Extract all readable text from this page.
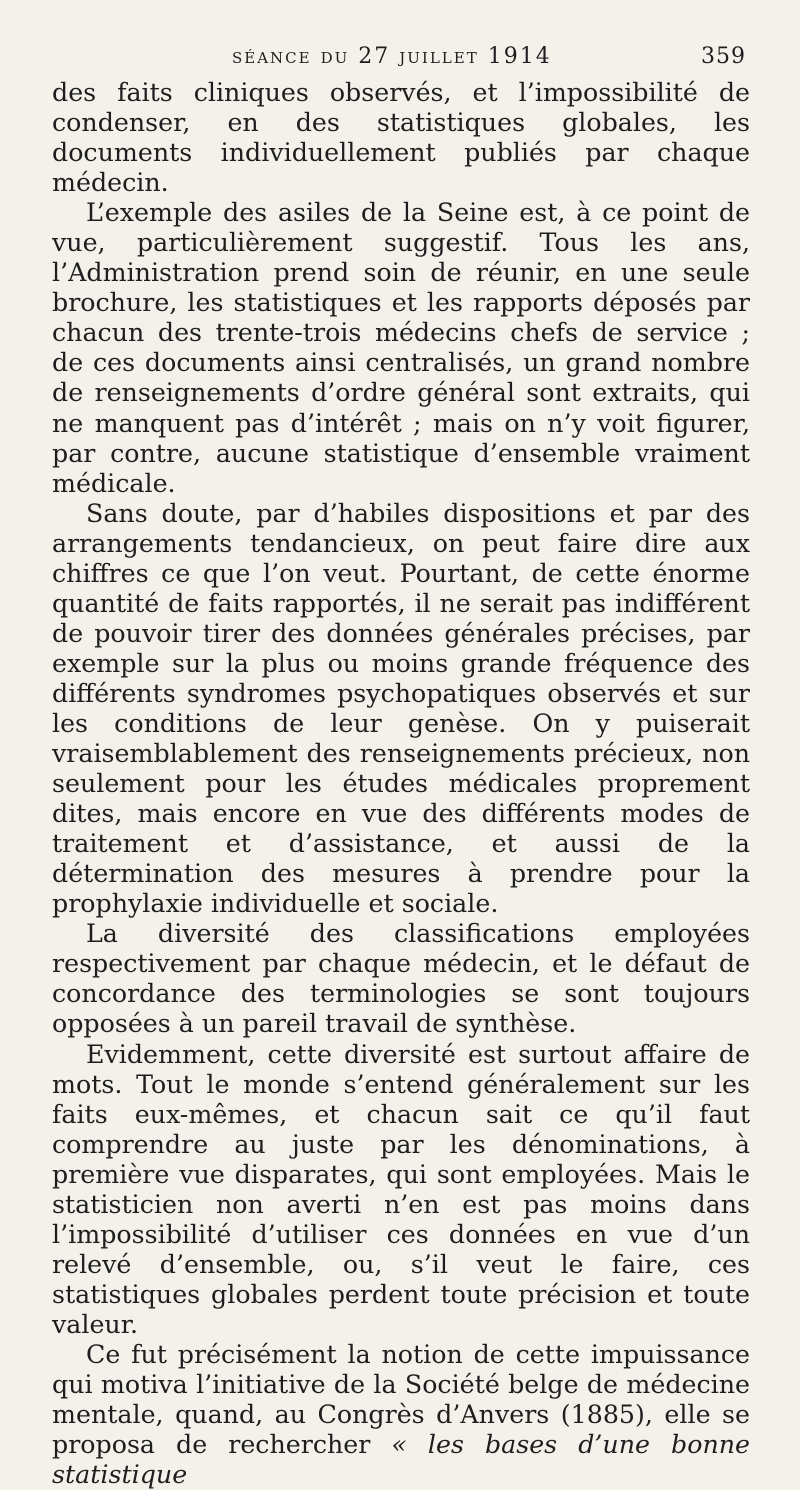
séance du 27 juillet 1914	359

des faits cliniques observés, et l’impossibilité de condenser, en des statistiques globales, les documents individuellement publiés par chaque médecin.

L’exemple des asiles de la Seine est, à ce point de vue, particulièrement suggestif. Tous les ans, l’Administration prend soin de réunir, en une seule brochure, les statistiques et les rapports déposés par chacun des trente-trois médecins chefs de service ; de ces documents ainsi centralisés, un grand nombre de renseignements d’ordre général sont extraits, qui ne manquent pas d’intérêt ; mais on n’y voit figurer, par contre, aucune statistique d’ensemble vraiment médicale.

Sans doute, par d’habiles dispositions et par des arrangements tendancieux, on peut faire dire aux chiffres ce que l’on veut. Pourtant, de cette énorme quantité de faits rapportés, il ne serait pas indifférent de pouvoir tirer des données générales précises, par exemple sur la plus ou moins grande fréquence des différents syndromes psychopatiques observés et sur les conditions de leur genèse. On y puiserait vraisemblablement des renseignements précieux, non seulement pour les études médicales proprement dites, mais encore en vue des différents modes de traitement et d’assistance, et aussi de la détermination des mesures à prendre pour la prophylaxie individuelle et sociale.

La diversité des classifications employées respectivement par chaque médecin, et le défaut de concordance des terminologies se sont toujours opposées à un pareil travail de synthèse.

Evidemment, cette diversité est surtout affaire de mots. Tout le monde s’entend généralement sur les faits eux-mêmes, et chacun sait ce qu’il faut comprendre au juste par les dénominations, à première vue disparates, qui sont employées. Mais le statisticien non averti n’en est pas moins dans l’impossibilité d’utiliser ces données en vue d’un relevé d’ensemble, ou, s’il veut le faire, ces statistiques globales perdent toute précision et toute valeur.

Ce fut précisément la notion de cette impuissance qui motiva l’initiative de la Société belge de médecine mentale, quand, au Congrès d’Anvers (1885), elle se proposa de rechercher « les bases d’une bonne statistique
